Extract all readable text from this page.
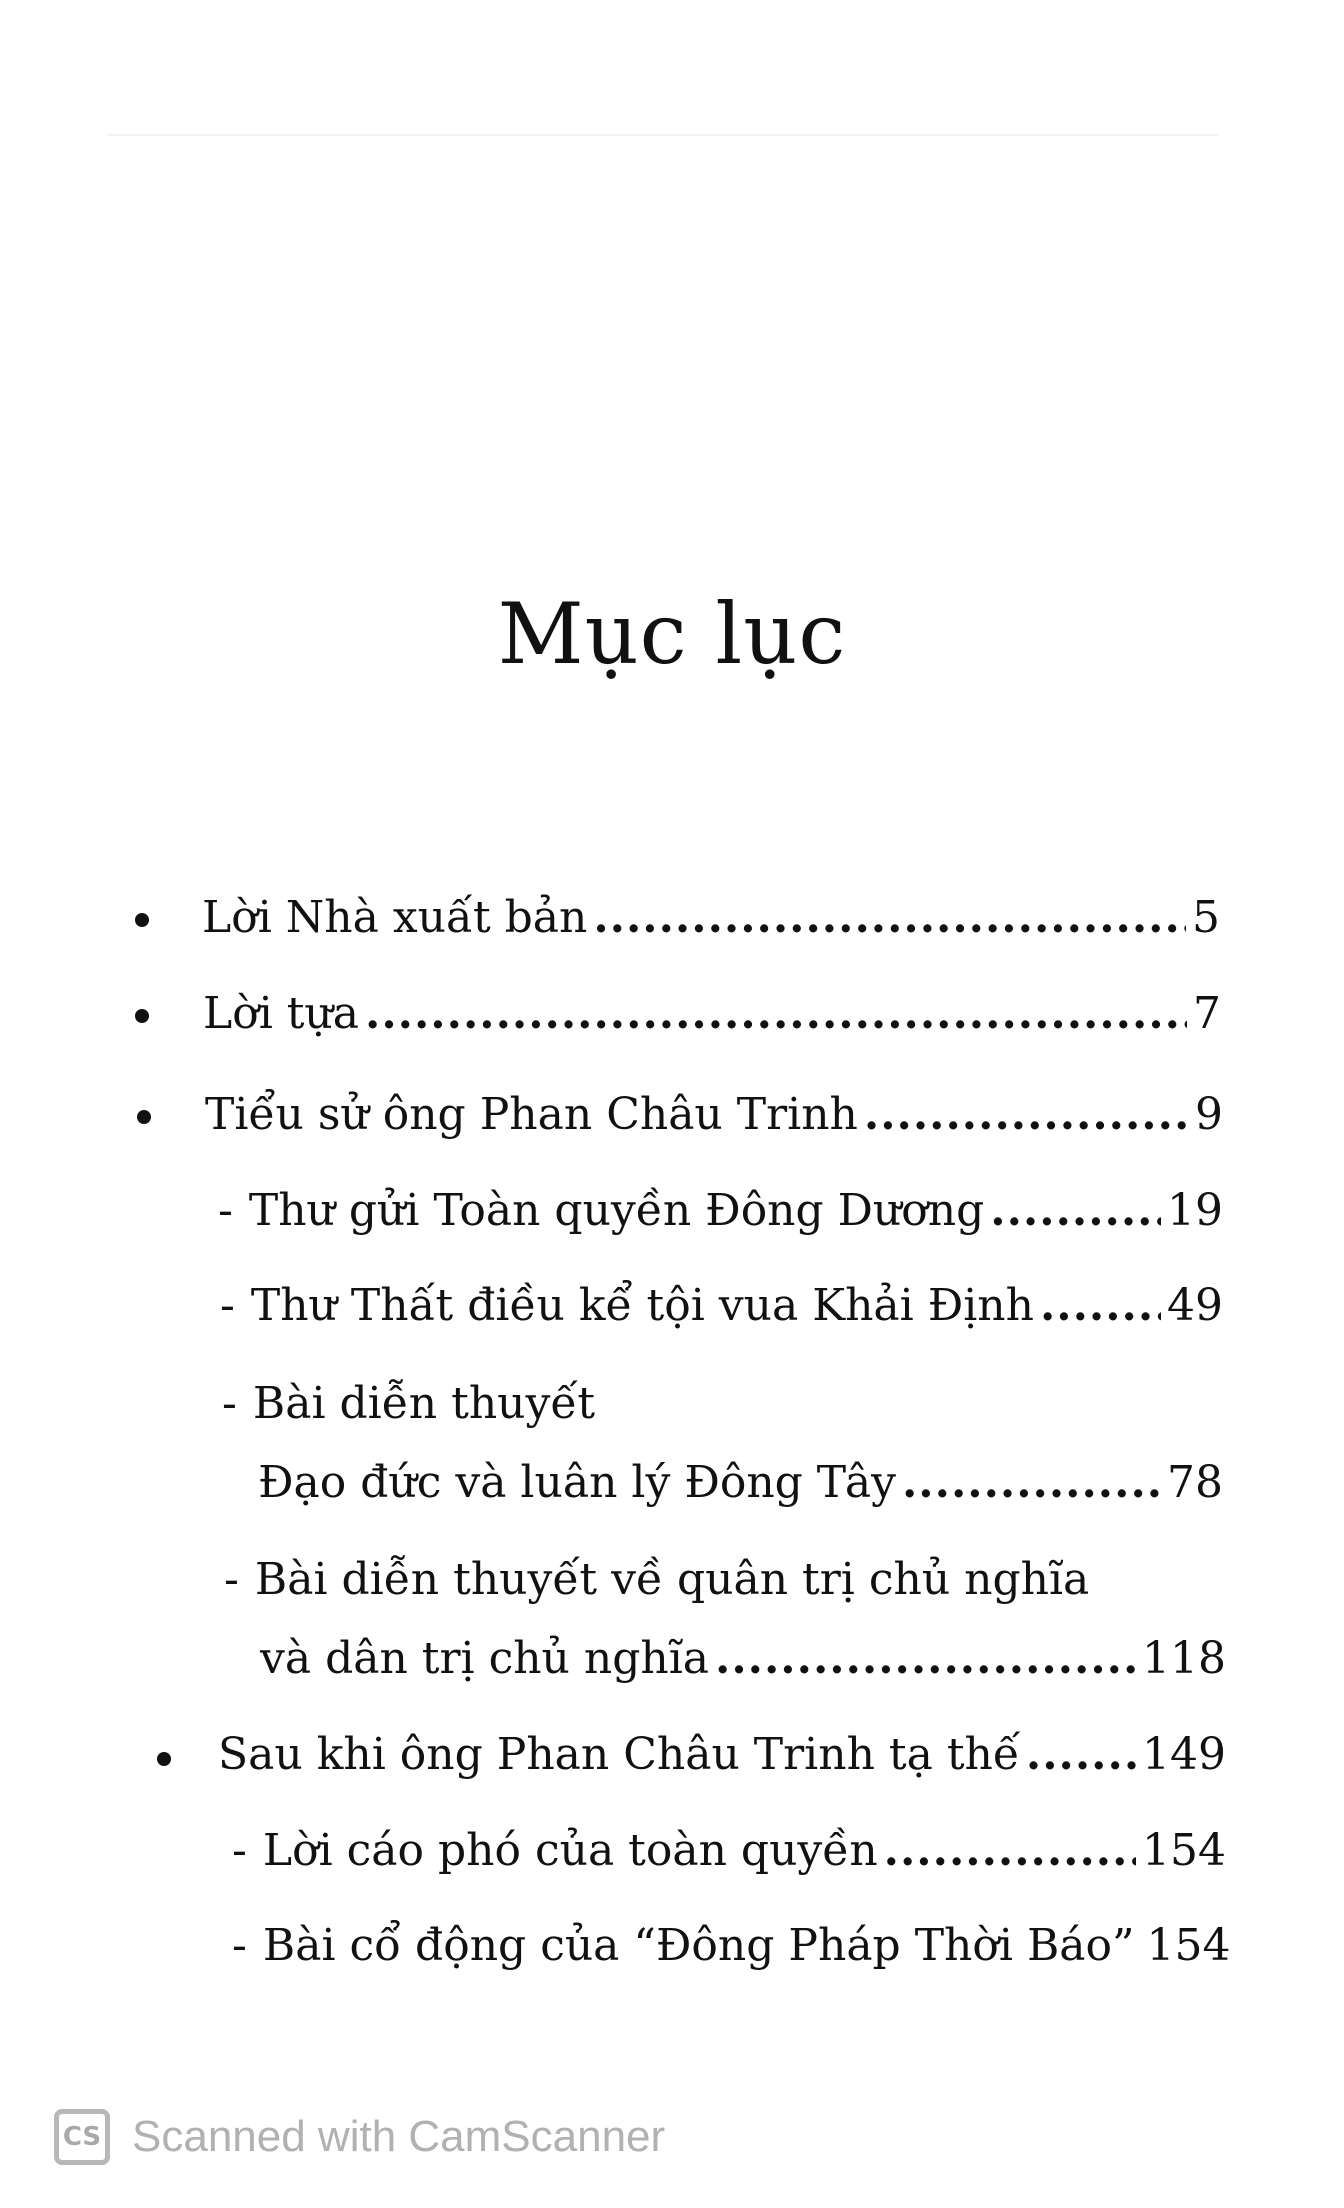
Mục lục
Lời Nhà xuất bản .....	5
Lời tựa .....	7
Tiểu sử ông Phan Châu Trinh .....	9
- Thư gửi Toàn quyền Đông Dương .....	19
- Thư Thất điều kể tội vua Khải Định .....	49
- Bài diễn thuyết
Đạo đức và luân lý Đông Tây .....	78
- Bài diễn thuyết về quân trị chủ nghĩa
và dân trị chủ nghĩa .....	118
Sau khi ông Phan Châu Trinh tạ thế .....	149
- Lời cáo phó của toàn quyền .....	154
- Bài cổ động của “Đông Pháp Thời Báo” 154
CS Scanned with CamScanner
